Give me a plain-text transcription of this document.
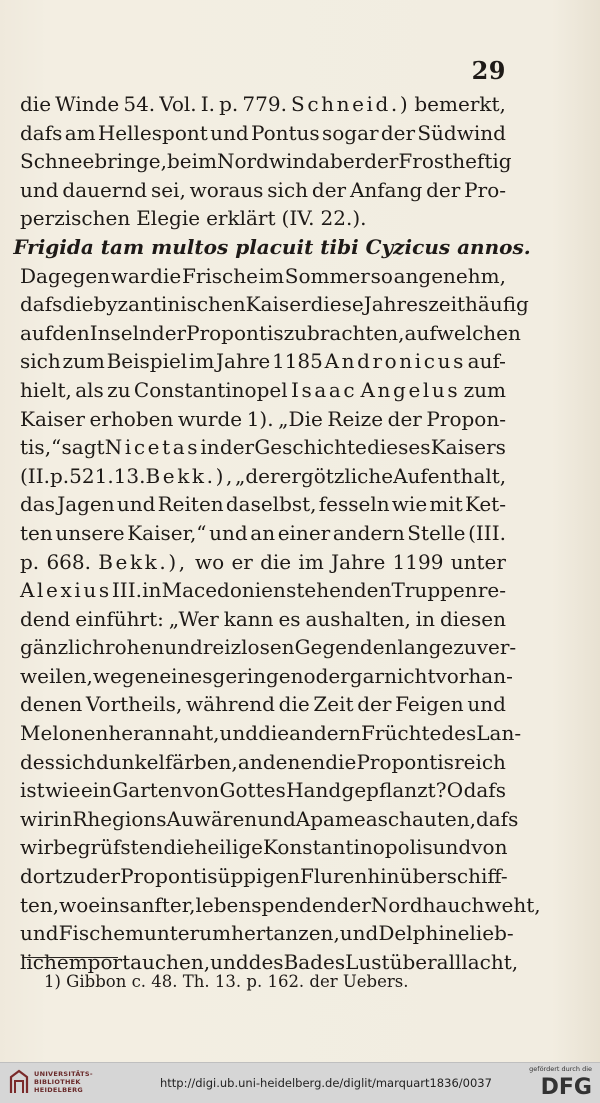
29
die Winde 54. Vol. I. p. 779. Schneid.) bemerkt,
dafs am Hellespont und Pontus sogar der Südwind
Schnee bringe, beim Nordwind aber der Frost heftig
und dauernd sei, woraus sich der Anfang der Pro-
perzischen Elegie erklärt (IV. 22.).
Frigida tam multos placuit tibi Cyzicus annos.
Dagegen war die Frische im Sommer so angenehm,
dafs die byzantinischen Kaiser diese Jahreszeit häufig
auf den Inseln der Propontis zubrachten, auf welchen
sich zum Beispiel im Jahre 1185 Andronicus auf-
hielt, als zu Constantinopel Isaac Angelus zum
Kaiser erhoben wurde 1). „Die Reize der Propon-
tis,“ sagt Nicetas in der Geschichte dieses Kaisers
(II. p. 521. 13. Bekk.), „der ergötzliche Aufenthalt,
das Jagen und Reiten daselbst, fesseln wie mit Ket-
ten unsere Kaiser,“ und an einer andern Stelle (III.
p. 668. Bekk.), wo er die im Jahre 1199 unter
Alexius III. in Macedonien stehenden Truppen re-
dend einführt: „Wer kann es aushalten, in diesen
gänzlich rohen und reizlosen Gegenden lange zu ver-
weilen, wegen eines geringen oder gar nicht vorhan-
denen Vortheils, während die Zeit der Feigen und
Melonen herannaht, und die andern Früchte des Lan-
des sich dunkel färben, an denen die Propontis reich
ist wie ein Garten von Gottes Hand gepflanzt? O dafs
wir in Rhegions Au wären und Apamea schauten, dafs
wir begrüfsten die heilige Konstantinopolis und von
dort zu der Propontis üppigen Fluren hinüberschiff-
ten, wo ein sanfter, lebenspendender Nordhauch weht,
und Fische munter umhertanzen, und Delphine lieb-
lich emportauchen, und des Bades Lust überall lacht,
1) Gibbon c. 48. Th. 13. p. 162. der Uebers.
UNIVERSITÄTS-
BIBLIOTHEK
HEIDELBERG	http://digi.ub.uni-heidelberg.de/diglit/marquart1836/0037
gefördert durch die
DFG
